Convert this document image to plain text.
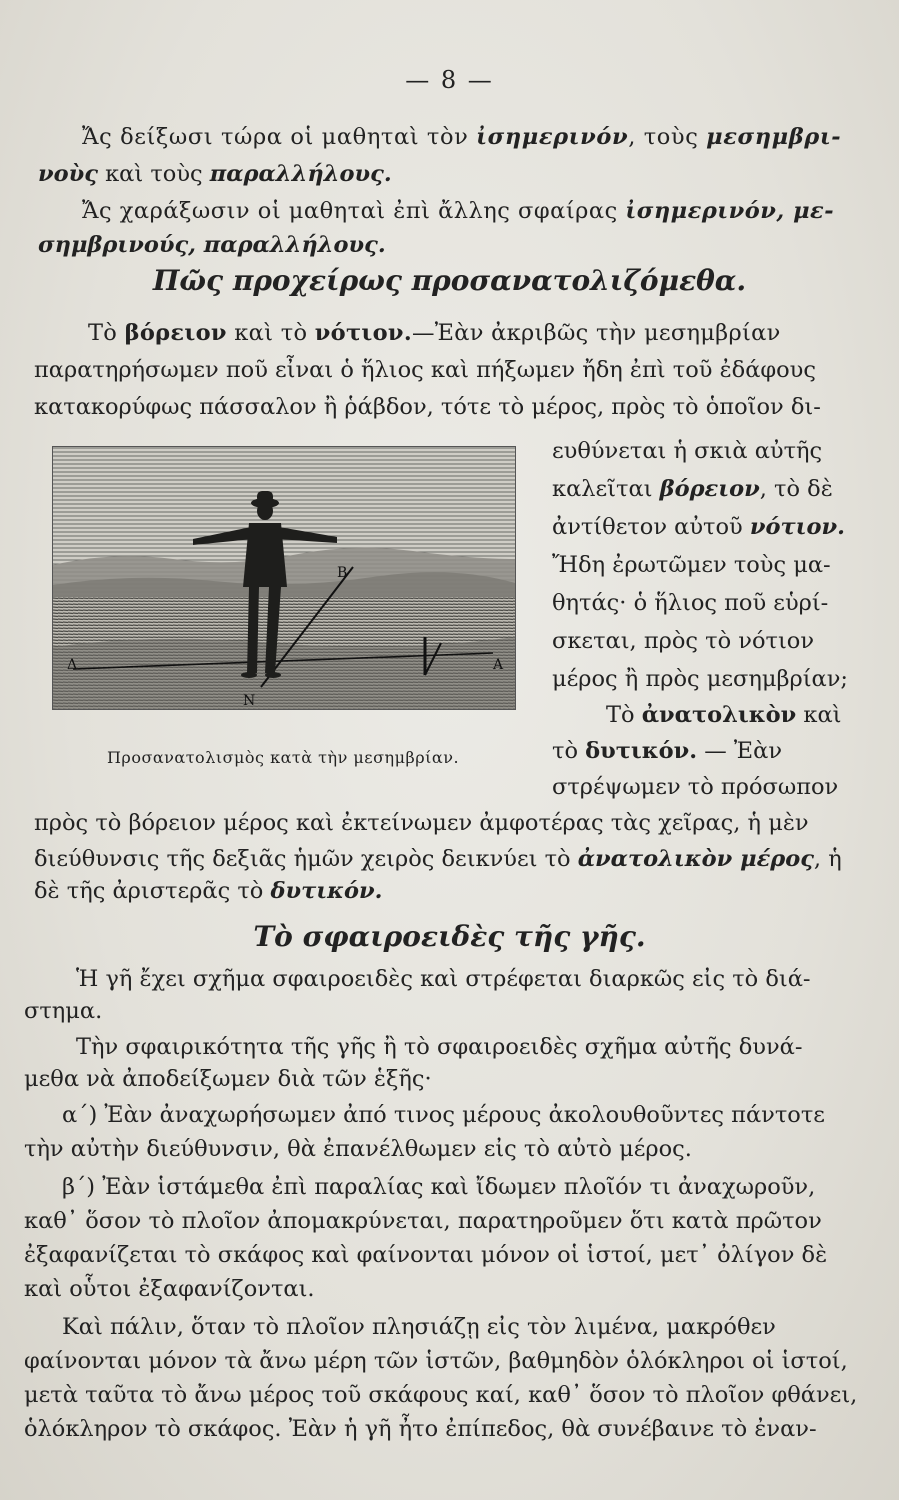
— 8 —
Ἄς δείξωσι τώρα οἱ μαθηταὶ τὸν ἰσημερινόν, τοὺς μεσημβρι-
νοὺς καὶ τοὺς παραλλήλους.
Ἄς χαράξωσιν οἱ μαθηταὶ ἐπὶ ἄλλης σφαίρας ἰσημερινόν, με-
σημβρινούς, παραλλήλους.
Πῶς προχείρως προσανατολιζόμεθα.
Τὸ βόρειον καὶ τὸ νότιον.—Ἐὰν ἀκριβῶς τὴν μεσημβρίαν
παρατηρήσωμεν ποῦ εἶναι ὁ ἥλιος καὶ πήξωμεν ἤδη ἐπὶ τοῦ ἐδάφους
κατακορύφως πάσσαλον ἢ ῥάβδον, τότε τὸ μέρος, πρὸς τὸ ὁποῖον δι-
ευθύνεται ἡ σκιὰ αὐτῆς
καλεῖται βόρειον, τὸ δὲ
ἀντίθετον αὐτοῦ νότιον.
Ἤδη ἐρωτῶμεν τοὺς μα-
θητάς· ὁ ἥλιος ποῦ εὑρί-
σκεται, πρὸς τὸ νότιον
μέρος ἢ πρὸς μεσημβρίαν;
Τὸ ἀνατολικὸν καὶ
τὸ δυτικόν. — Ἐὰν
στρέψωμεν τὸ πρόσωπον
πρὸς τὸ βόρειον μέρος καὶ ἐκτείνωμεν ἀμφοτέρας τὰς χεῖρας, ἡ μὲν
διεύθυνσις τῆς δεξιᾶς ἡμῶν χειρὸς δεικνύει τὸ ἀνατολικὸν μέρος, ἡ
δὲ τῆς ἀριστερᾶς τὸ δυτικόν.
Β
Ν
Δ	Α
Προσανατολισμὸς κατὰ τὴν μεσημβρίαν.
Τὸ σφαιροειδὲς τῆς γῆς.
Ἡ γῆ ἔχει σχῆμα σφαιροειδὲς καὶ στρέφεται διαρκῶς εἰς τὸ διά-
στημα.
Τὴν σφαιρικότητα τῆς γῆς ἢ τὸ σφαιροειδὲς σχῆμα αὐτῆς δυνά-
μεθα νὰ ἀποδείξωμεν διὰ τῶν ἑξῆς·
α΄) Ἐὰν ἀναχωρήσωμεν ἀπό τινος μέρους ἀκολουθοῦντες πάντοτε
τὴν αὐτὴν διεύθυνσιν, θὰ ἐπανέλθωμεν εἰς τὸ αὐτὸ μέρος.
β΄) Ἐὰν ἱστάμεθα ἐπὶ παραλίας καὶ ἴδωμεν πλοῖόν τι ἀναχωροῦν,
καθ᾽ ὅσον τὸ πλοῖον ἀπομακρύνεται, παρατηροῦμεν ὅτι κατὰ πρῶτον
ἐξαφανίζεται τὸ σκάφος καὶ φαίνονται μόνον οἱ ἱστοί, μετ᾽ ὀλίγον δὲ
καὶ οὗτοι ἐξαφανίζονται.
Καὶ πάλιν, ὅταν τὸ πλοῖον πλησιάζῃ εἰς τὸν λιμένα, μακρόθεν
φαίνονται μόνον τὰ ἄνω μέρη τῶν ἱστῶν, βαθμηδὸν ὁλόκληροι οἱ ἱστοί,
μετὰ ταῦτα τὸ ἄνω μέρος τοῦ σκάφους καί, καθ᾽ ὅσον τὸ πλοῖον φθάνει,
ὁλόκληρον τὸ σκάφος. Ἐὰν ἡ γῆ ἦτο ἐπίπεδος, θὰ συνέβαινε τὸ ἐναν-
